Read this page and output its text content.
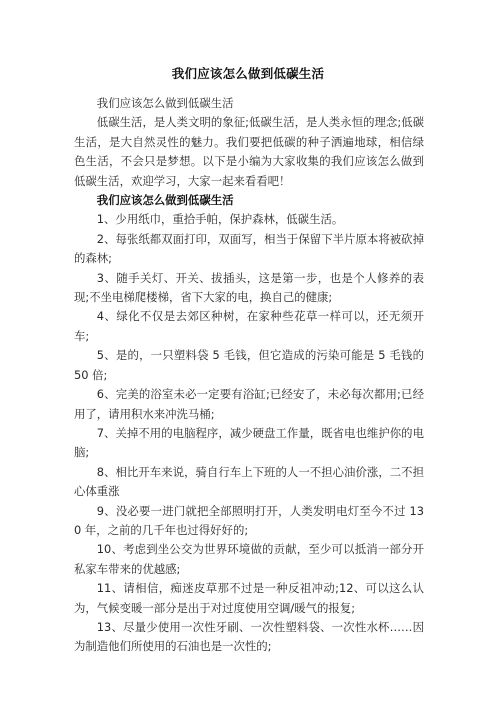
我们应该怎么做到低碳生活

我们应该怎么做到低碳生活

低碳生活，是人类文明的象征;低碳生活，是人类永恒的理念;低碳生活，是大自然灵性的魅力。我们要把低碳的种子洒遍地球，相信绿色生活，不会只是梦想。以下是小编为大家收集的我们应该怎么做到低碳生活，欢迎学习，大家一起来看看吧！

我们应该怎么做到低碳生活

1、少用纸巾，重拾手帕，保护森林，低碳生活。

2、每张纸都双面打印，双面写，相当于保留下半片原本将被砍掉的森林;

3、随手关灯、开关、拔插头，这是第一步，也是个人修养的表现;不坐电梯爬楼梯，省下大家的电，换自己的健康;

4、绿化不仅是去郊区种树，在家种些花草一样可以，还无须开车;

5、是的，一只塑料袋 5 毛钱，但它造成的污染可能是 5 毛钱的 50 倍;

6、完美的浴室未必一定要有浴缸;已经安了，未必每次都用;已经用了，请用积水来冲洗马桶;

7、关掉不用的电脑程序，减少硬盘工作量，既省电也维护你的电脑;

8、相比开车来说，骑自行车上下班的人一不担心油价涨，二不担心体重涨

9、没必要一进门就把全部照明打开，人类发明电灯至今不过 130 年，之前的几千年也过得好好的;

10、考虑到坐公交为世界环境做的贡献，至少可以抵消一部分开私家车带来的优越感;

11、请相信，痴迷皮草那不过是一种反祖冲动;12、可以这么认为，气候变暖一部分是出于对过度使用空调/暖气的报复;

13、尽量少使用一次性牙刷、一次性塑料袋、一次性水杯……因为制造他们所使用的石油也是一次性的;
